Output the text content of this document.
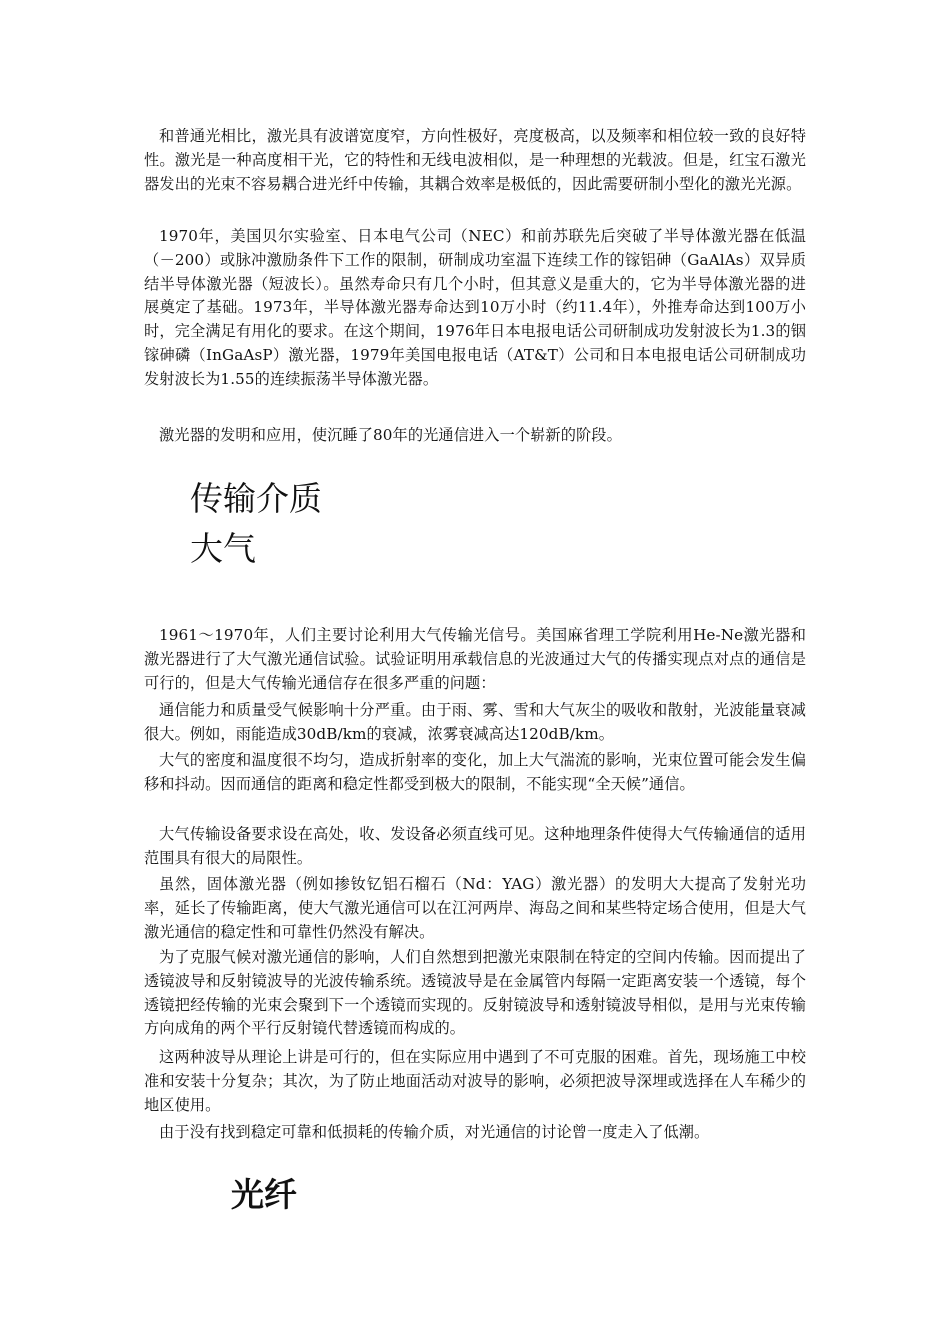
和普通光相比，激光具有波谱宽度窄，方向性极好，亮度极高，以及频率和相位较一致的良好特性。激光是一种高度相干光，它的特性和无线电波相似，是一种理想的光载波。但是，红宝石激光器发出的光束不容易耦合进光纤中传输，其耦合效率是极低的，因此需要研制小型化的激光光源。

1970年，美国贝尔实验室、日本电气公司（NEC）和前苏联先后突破了半导体激光器在低温（－200）或脉冲激励条件下工作的限制，研制成功室温下连续工作的镓铝砷（GaAlAs）双异质结半导体激光器（短波长）。虽然寿命只有几个小时，但其意义是重大的，它为半导体激光器的进展奠定了基础。1973年，半导体激光器寿命达到10万小时（约11.4年），外推寿命达到100万小时，完全满足有用化的要求。在这个期间，1976年日本电报电话公司研制成功发射波长为1.3的铟镓砷磷（InGaAsP）激光器，1979年美国电报电话（AT&T）公司和日本电报电话公司研制成功发射波长为1.55的连续振荡半导体激光器。

激光器的发明和应用，使沉睡了80年的光通信进入一个崭新的阶段。

传输介质
大气

1961～1970年，人们主要讨论利用大气传输光信号。美国麻省理工学院利用He-Ne激光器和激光器进行了大气激光通信试验。试验证明用承载信息的光波通过大气的传播实现点对点的通信是可行的，但是大气传输光通信存在很多严重的问题：

通信能力和质量受气候影响十分严重。由于雨、雾、雪和大气灰尘的吸收和散射，光波能量衰减很大。例如，雨能造成30dB/km的衰减，浓雾衰减高达120dB/km。

大气的密度和温度很不均匀，造成折射率的变化，加上大气湍流的影响，光束位置可能会发生偏移和抖动。因而通信的距离和稳定性都受到极大的限制，不能实现“全天候”通信。

大气传输设备要求设在高处，收、发设备必须直线可见。这种地理条件使得大气传输通信的适用范围具有很大的局限性。

虽然，固体激光器（例如掺钕钇铝石榴石（Nd：YAG）激光器）的发明大大提高了发射光功率，延长了传输距离，使大气激光通信可以在江河两岸、海岛之间和某些特定场合使用，但是大气激光通信的稳定性和可靠性仍然没有解决。

为了克服气候对激光通信的影响，人们自然想到把激光束限制在特定的空间内传输。因而提出了透镜波导和反射镜波导的光波传输系统。透镜波导是在金属管内每隔一定距离安装一个透镜，每个透镜把经传输的光束会聚到下一个透镜而实现的。反射镜波导和透射镜波导相似，是用与光束传输方向成角的两个平行反射镜代替透镜而构成的。

这两种波导从理论上讲是可行的，但在实际应用中遇到了不可克服的困难。首先，现场施工中校准和安装十分复杂；其次，为了防止地面活动对波导的影响，必须把波导深埋或选择在人车稀少的地区使用。

由于没有找到稳定可靠和低损耗的传输介质，对光通信的讨论曾一度走入了低潮。

光纤
